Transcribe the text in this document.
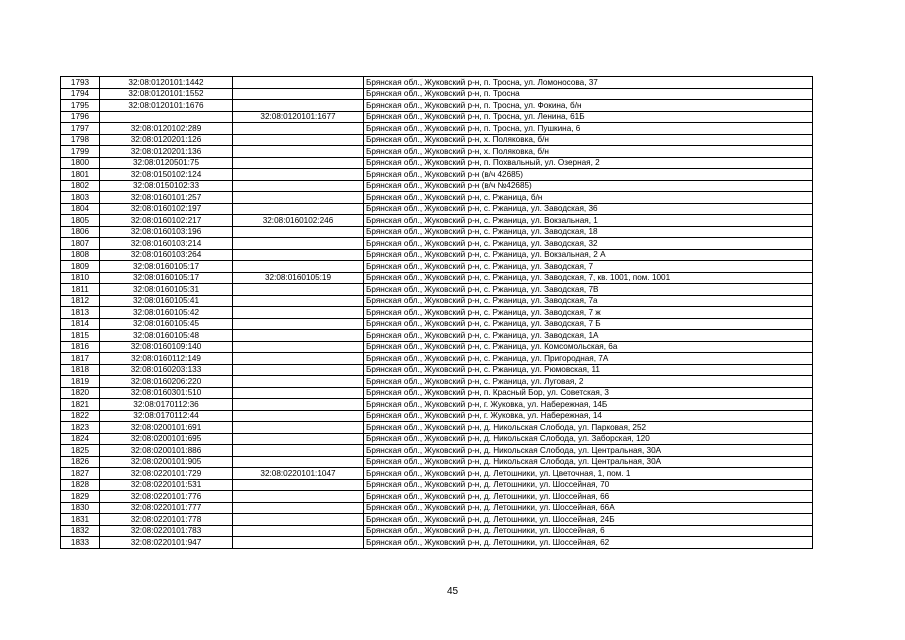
1793	32:08:0120101:1442		Брянская обл., Жуковский р-н, п. Тросна, ул. Ломоносова, 37
1794	32:08:0120101:1552		Брянская обл., Жуковский р-н, п. Тросна
1795	32:08:0120101:1676		Брянская обл., Жуковский р-н, п. Тросна, ул. Фокина, б/н
1796		32:08:0120101:1677	Брянская обл., Жуковский р-н, п. Тросна, ул. Ленина, 61Б
1797	32:08:0120102:289		Брянская обл., Жуковский р-н, п. Тросна, ул. Пушкина, 6
1798	32:08:0120201:126		Брянская обл., Жуковский р-н, х. Поляковка, б/н
1799	32:08:0120201:136		Брянская обл., Жуковский р-н, х. Поляковка, б/н
1800	32:08:0120501:75		Брянская обл., Жуковский р-н, п. Похвальный, ул. Озерная, 2
1801	32:08:0150102:124		Брянская обл., Жуковский р-н (в/ч 42685)
1802	32:08:0150102:33		Брянская обл., Жуковский р-н (в/ч №42685)
1803	32:08:0160101:257		Брянская обл., Жуковский р-н, с. Ржаница, б/н
1804	32:08:0160102:197		Брянская обл., Жуковский р-н, с. Ржаница, ул. Заводская, 36
1805	32:08:0160102:217	32:08:0160102:246	Брянская обл., Жуковский р-н, с. Ржаница, ул. Вокзальная, 1
1806	32:08:0160103:196		Брянская обл., Жуковский р-н, с. Ржаница, ул. Заводская, 18
1807	32:08:0160103:214		Брянская обл., Жуковский р-н, с. Ржаница, ул. Заводская, 32
1808	32:08:0160103:264		Брянская обл., Жуковский р-н, с. Ржаница, ул. Вокзальная, 2 А
1809	32:08:0160105:17		Брянская обл., Жуковский р-н, с. Ржаница, ул. Заводская, 7
1810	32:08:0160105:17	32:08:0160105:19	Брянская обл., Жуковский р-н, с. Ржаница, ул. Заводская, 7, кв. 1001, пом. 1001
1811	32:08:0160105:31		Брянская обл., Жуковский р-н, с. Ржаница, ул. Заводская, 7В
1812	32:08:0160105:41		Брянская обл., Жуковский р-н, с. Ржаница, ул. Заводская, 7а
1813	32:08:0160105:42		Брянская обл., Жуковский р-н, с. Ржаница, ул. Заводская, 7 ж
1814	32:08:0160105:45		Брянская обл., Жуковский р-н, с. Ржаница, ул. Заводская, 7 Б
1815	32:08:0160105:48		Брянская обл., Жуковский р-н, с. Ржаница, ул. Заводская, 1А
1816	32:08:0160109:140		Брянская обл., Жуковский р-н, с. Ржаница, ул. Комсомольская, 6а
1817	32:08:0160112:149		Брянская обл., Жуковский р-н, с. Ржаница, ул. Пригородная, 7А
1818	32:08:0160203:133		Брянская обл., Жуковский р-н, с. Ржаница, ул. Рюмовская, 11
1819	32:08:0160206:220		Брянская обл., Жуковский р-н, с. Ржаница, ул. Луговая, 2
1820	32:08:0160301:510		Брянская обл., Жуковский р-н, п. Красный Бор, ул. Советская, 3
1821	32:08:0170112:36		Брянская обл., Жуковский р-н, г. Жуковка, ул. Набережная, 14Б
1822	32:08:0170112:44		Брянская обл., Жуковский р-н, г. Жуковка, ул. Набережная, 14
1823	32:08:0200101:691		Брянская обл., Жуковский р-н, д. Никольская Слобода, ул. Парковая, 252
1824	32:08:0200101:695		Брянская обл., Жуковский р-н, д. Никольская Слобода, ул. Заборская, 120
1825	32:08:0200101:886		Брянская обл., Жуковский р-н, д. Никольская Слобода, ул. Центральная, 30А
1826	32:08:0200101:905		Брянская обл., Жуковский р-н, д. Никольская Слобода, ул. Центральная, 30А
1827	32:08:0220101:729	32:08:0220101:1047	Брянская обл., Жуковский р-н, д. Летошники, ул. Цветочная, 1, пом. 1
1828	32:08:0220101:531		Брянская обл., Жуковский р-н, д. Летошники, ул. Шоссейная, 70
1829	32:08:0220101:776		Брянская обл., Жуковский р-н, д. Летошники, ул. Шоссейная, 66
1830	32:08:0220101:777		Брянская обл., Жуковский р-н, д. Летошники, ул. Шоссейная, 66А
1831	32:08:0220101:778		Брянская обл., Жуковский р-н, д. Летошники, ул. Шоссейная, 24Б
1832	32:08:0220101:783		Брянская обл., Жуковский р-н, д. Летошники, ул. Шоссейная, 6
1833	32:08:0220101:947		Брянская обл., Жуковский р-н, д. Летошники, ул. Шоссейная, 62
45
